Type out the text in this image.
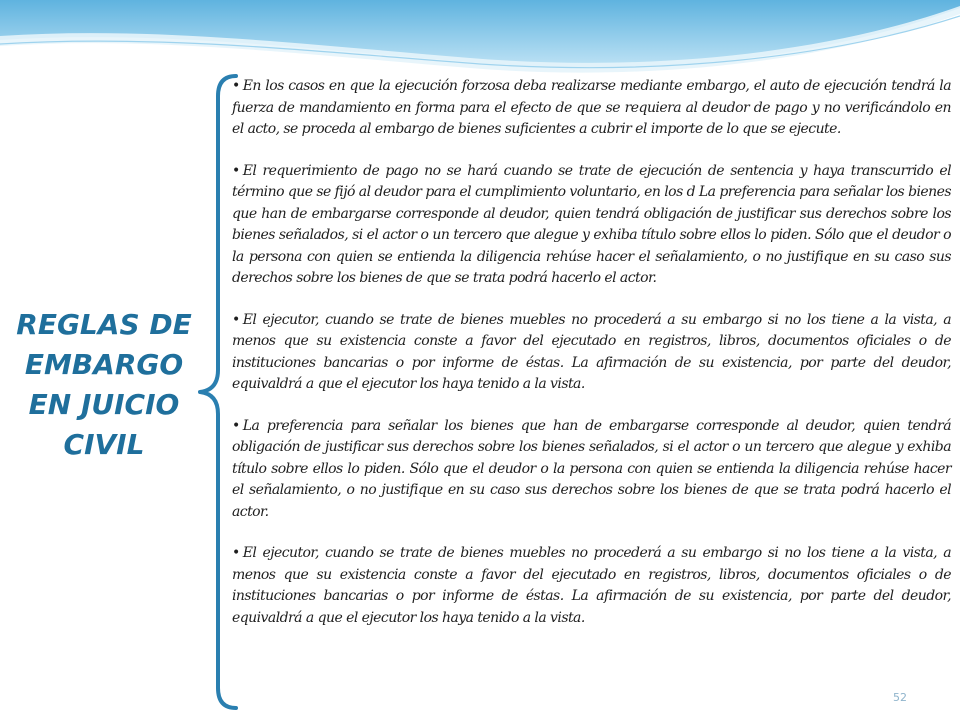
REGLAS DE
EMBARGO
EN JUICIO
CIVIL

• En los casos en que la ejecución forzosa deba realizarse mediante embargo, el auto de ejecución tendrá la fuerza de mandamiento en forma para el efecto de que se requiera al deudor de pago y no verificándolo en el acto, se proceda al embargo de bienes suficientes a cubrir el importe de lo que se ejecute.

• El requerimiento de pago no se hará cuando se trate de ejecución de sentencia y haya transcurrido el término que se fijó al deudor para el cumplimiento voluntario, en los d La preferencia para señalar los bienes que han de embargarse corresponde al deudor, quien tendrá obligación de justificar sus derechos sobre los bienes señalados, si el actor o un tercero que alegue y exhiba título sobre ellos lo piden. Sólo que el deudor o la persona con quien se entienda la diligencia rehúse hacer el señalamiento, o no justifique en su caso sus derechos sobre los bienes de que se trata podrá hacerlo el actor.

• El ejecutor, cuando se trate de bienes muebles no procederá a su embargo si no los tiene a la vista, a menos que su existencia conste a favor del ejecutado en registros, libros, documentos oficiales o de instituciones bancarias o por informe de éstas. La afirmación de su existencia, por parte del deudor, equivaldrá a que el ejecutor los haya tenido a la vista.

• La preferencia para señalar los bienes que han de embargarse corresponde al deudor, quien tendrá obligación de justificar sus derechos sobre los bienes señalados, si el actor o un tercero que alegue y exhiba título sobre ellos lo piden. Sólo que el deudor o la persona con quien se entienda la diligencia rehúse hacer el señalamiento, o no justifique en su caso sus derechos sobre los bienes de que se trata podrá hacerlo el actor.

• El ejecutor, cuando se trate de bienes muebles no procederá a su embargo si no los tiene a la vista, a menos que su existencia conste a favor del ejecutado en registros, libros, documentos oficiales o de instituciones bancarias o por informe de éstas. La afirmación de su existencia, por parte del deudor, equivaldrá a que el ejecutor los haya tenido a la vista.

52
